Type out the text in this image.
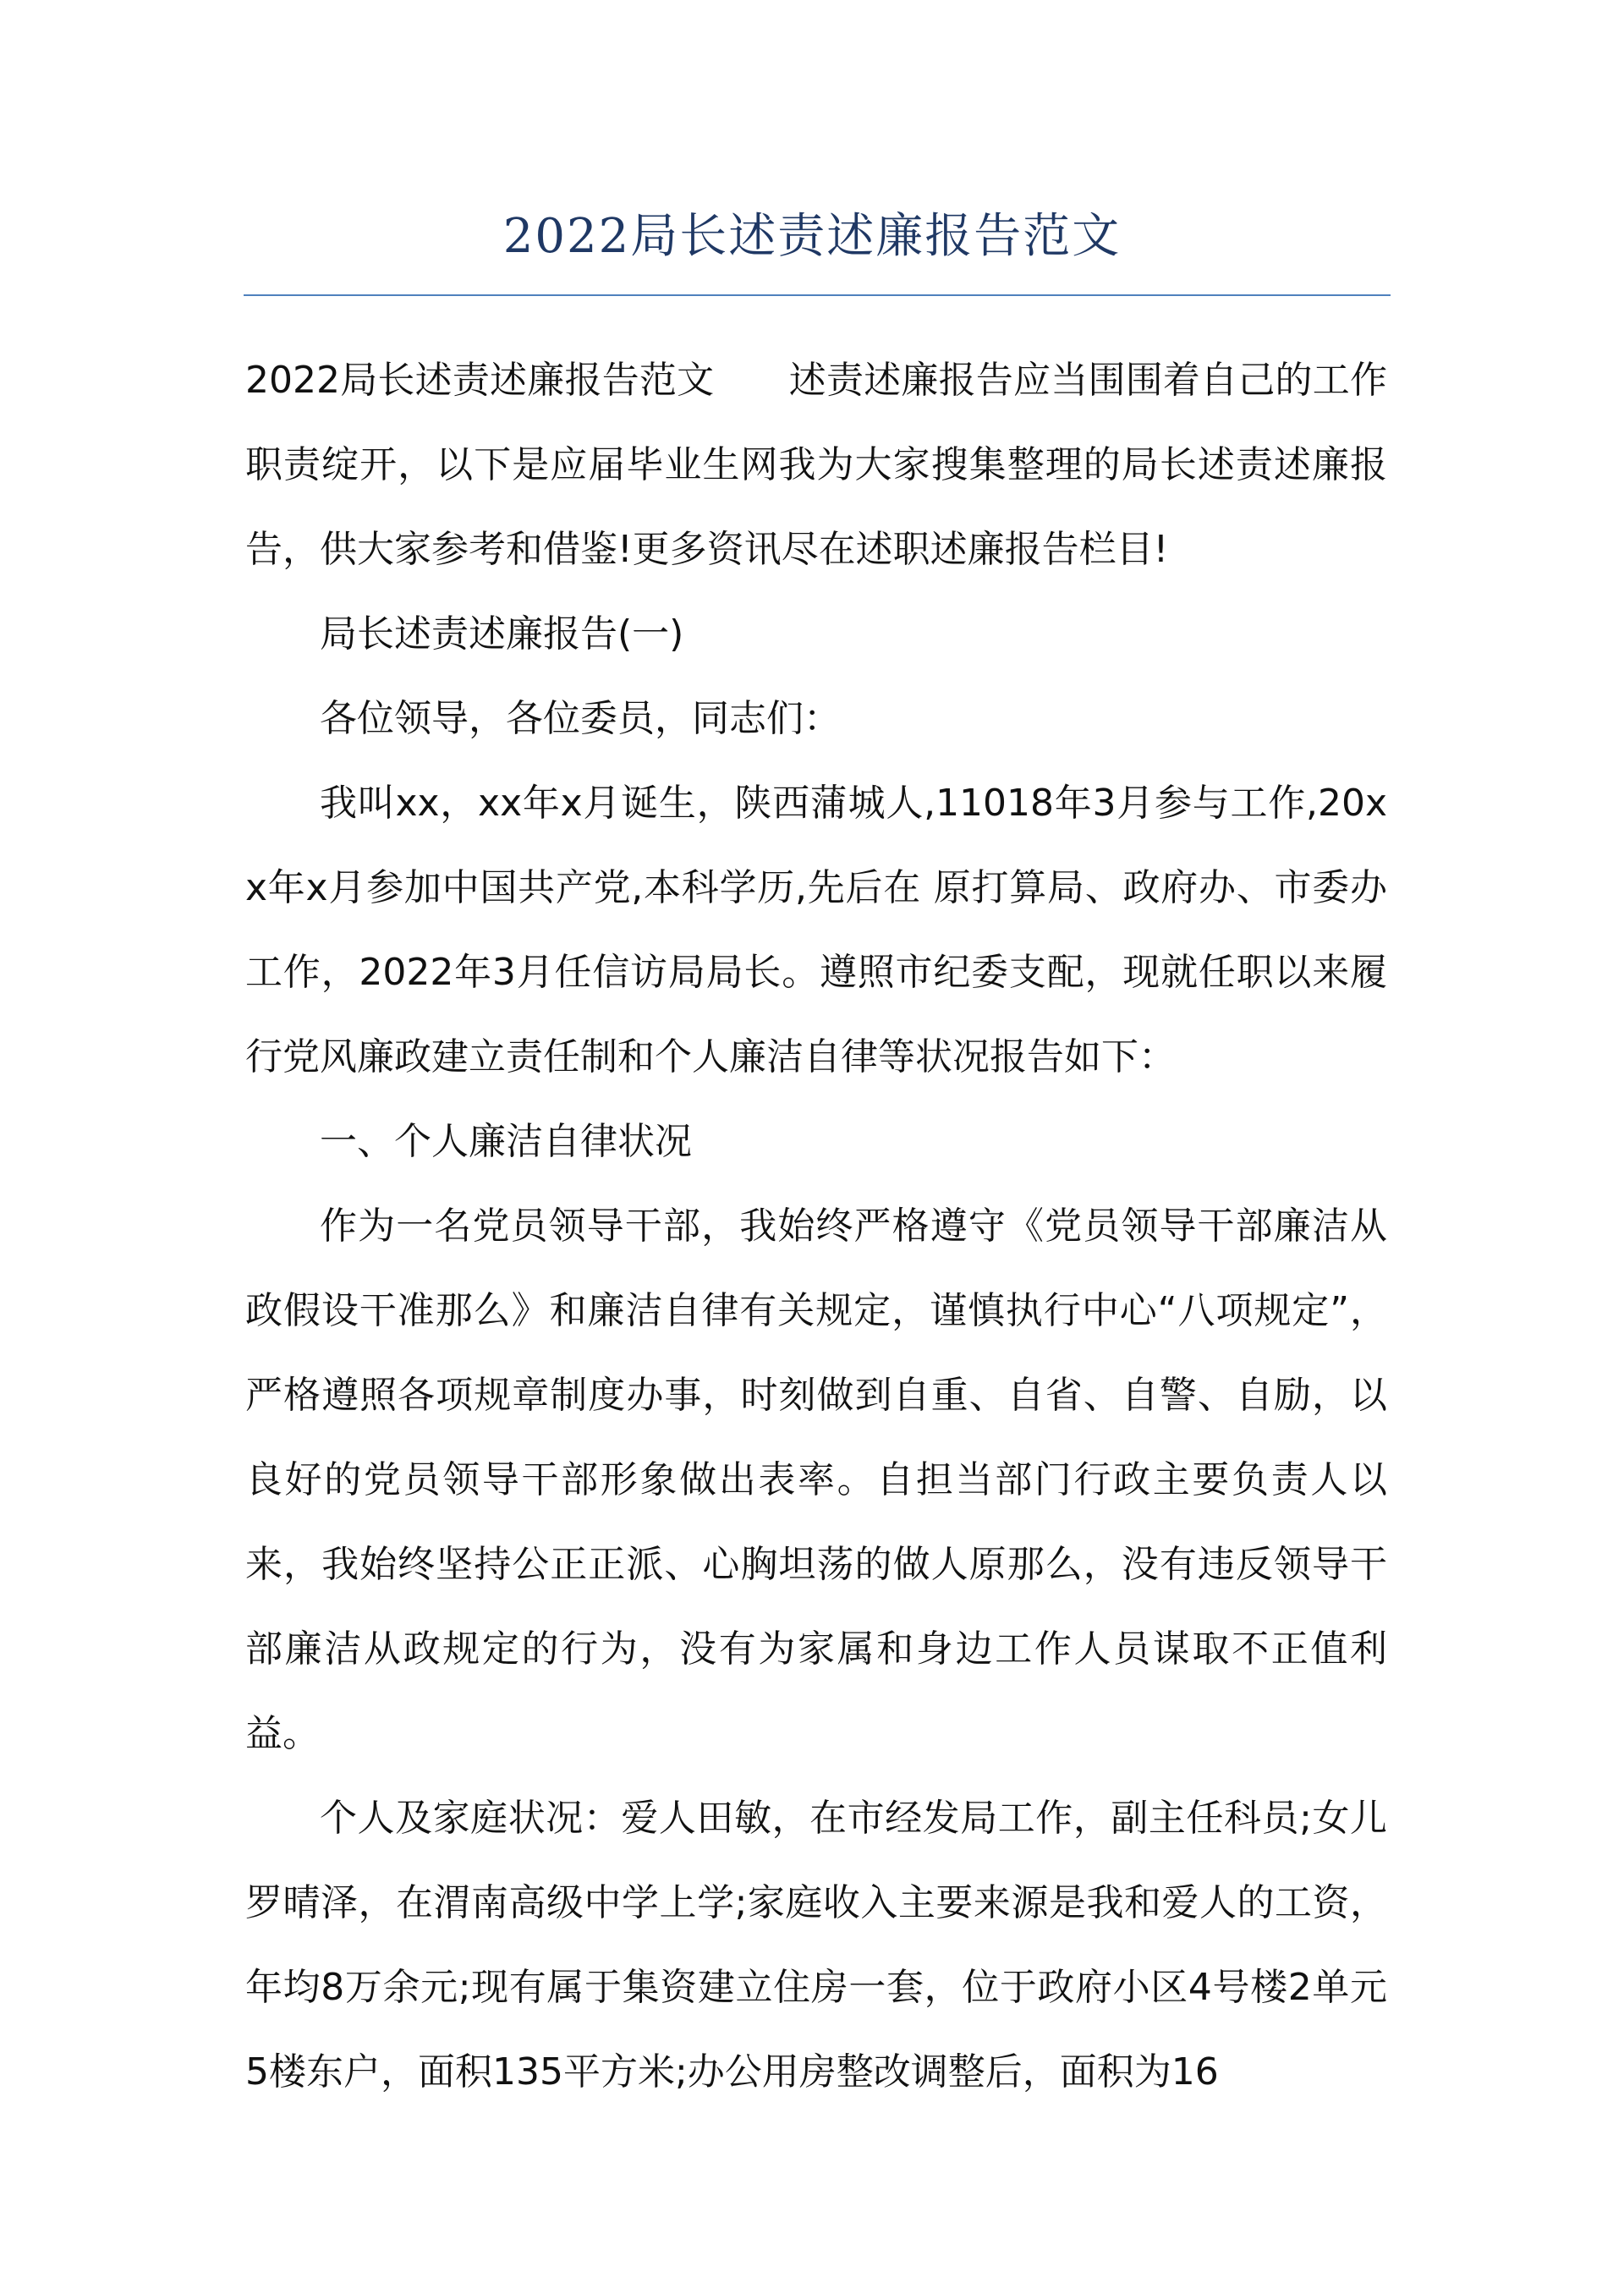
2022局长述责述廉报告范文

2022局长述责述廉报告范文　　述责述廉报告应当围围着自己的工作职责绽开，以下是应届毕业生网我为大家搜集整理的局长述责述廉报告，供大家参考和借鉴!更多资讯尽在述职述廉报告栏目!

局长述责述廉报告(一)

各位领导，各位委员，同志们：

我叫xx，xx年x月诞生，陕西蒲城人,11018年3月参与工作,20xx年x月参加中国共产党,本科学历,先后在 原打算局、政府办、市委办工作，2022年3月任信访局局长。遵照市纪委支配，现就任职以来履行党风廉政建立责任制和个人廉洁自律等状况报告如下：

一、个人廉洁自律状况

作为一名党员领导干部，我始终严格遵守《党员领导干部廉洁从政假设干准那么》和廉洁自律有关规定，谨慎执行中心“八项规定”，严格遵照各项规章制度办事，时刻做到自重、自省、自警、自励，以良好的党员领导干部形象做出表率。自担当部门行政主要负责人以来，我始终坚持公正正派、心胸坦荡的做人原那么，没有违反领导干部廉洁从政规定的行为，没有为家属和身边工作人员谋取不正值利益。

个人及家庭状况：爱人田敏，在市经发局工作，副主任科员;女儿罗晴泽，在渭南高级中学上学;家庭收入主要来源是我和爱人的工资，年均8万余元;现有属于集资建立住房一套，位于政府小区4号楼2单元5楼东户，面积135平方米;办公用房整改调整后，面积为16
